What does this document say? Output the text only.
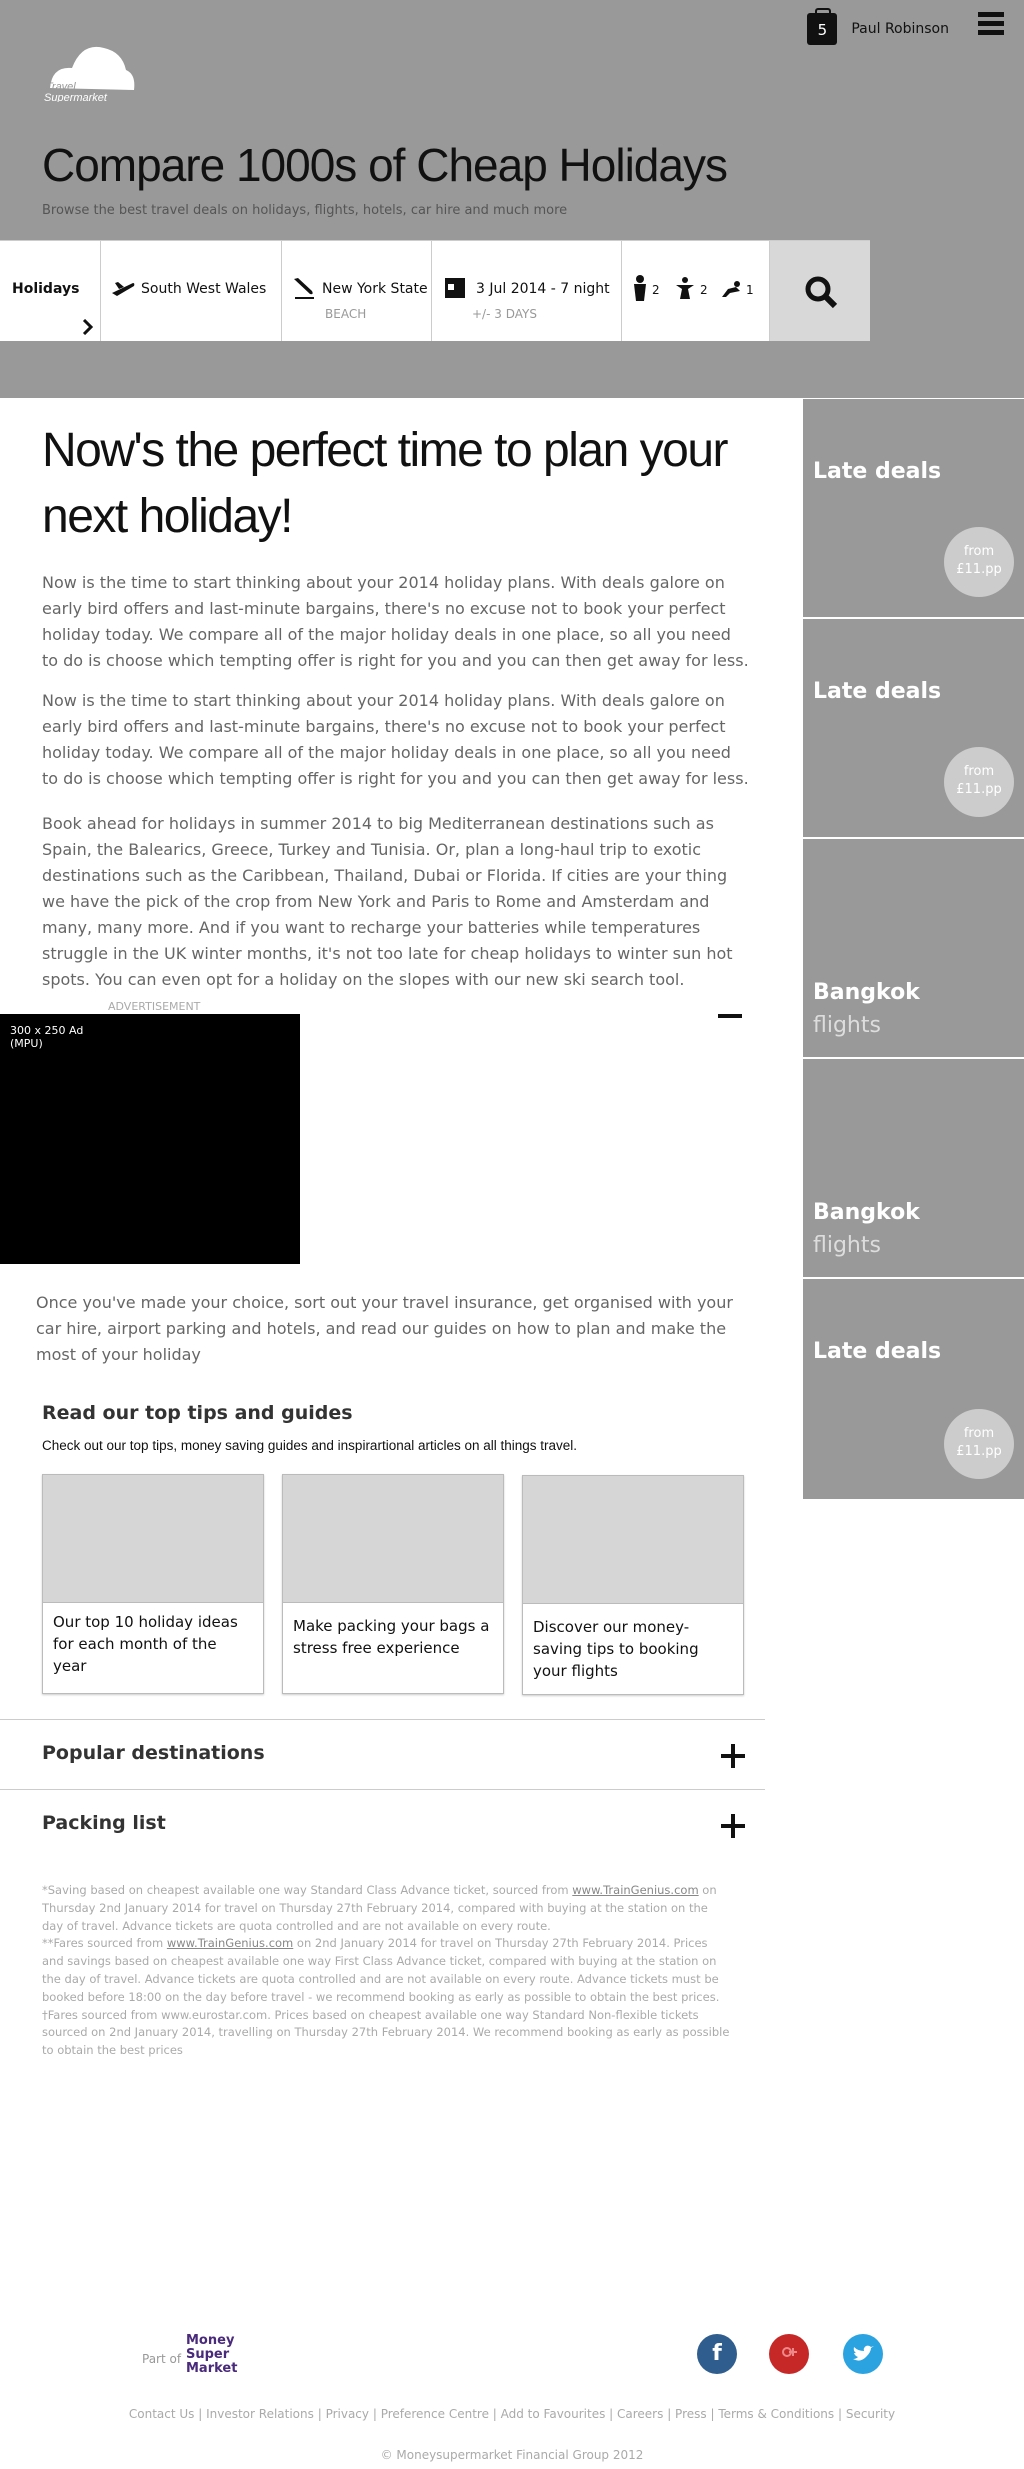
Travel
Supermarket
5	Paul Robinson
Compare 1000s of Cheap Holidays
Browse the best travel deals on holidays, flights, hotels, car hire and much more
Holidays	South West Wales	New York State
BEACH
3 Jul 2014 - 7 night
+/- 3 DAYS
2	2	1
Now's the perfect time to plan your next holiday!

Now is the time to start thinking about your 2014 holiday plans. With deals galore on early bird offers and last-minute bargains, there's no excuse not to book your perfect holiday today. We compare all of the major holiday deals in one place, so all you need to do is choose which tempting offer is right for you and you can then get away for less.

Now is the time to start thinking about your 2014 holiday plans. With deals galore on early bird offers and last-minute bargains, there's no excuse not to book your perfect holiday today. We compare all of the major holiday deals in one place, so all you need to do is choose which tempting offer is right for you and you can then get away for less.

Book ahead for holidays in summer 2014 to big Mediterranean destinations such as Spain, the Balearics, Greece, Turkey and Tunisia. Or, plan a long-haul trip to exotic destinations such as the Caribbean, Thailand, Dubai or Florida. If cities are your thing we have the pick of the crop from New York and Paris to Rome and Amsterdam and many, many more. And if you want to recharge your batteries while temperatures struggle in the UK winter months, it's not too late for cheap holidays to winter sun hot spots. You can even opt for a holiday on the slopes with our new ski search tool.

ADVERTISEMENT
300 x 250 Ad
(MPU)

Once you've made your choice, sort out your travel insurance, get organised with your car hire, airport parking and hotels, and read our guides on how to plan and make the most of your holiday

Read our top tips and guides
Check out our top tips, money saving guides and inspirartional articles on all things travel.
Our top 10 holiday ideas for each month of the year
Make packing your bags a stress free experience
Discover our money-saving tips to booking your flights
Popular destinations
Packing list
*Saving based on cheapest available one way Standard Class Advance ticket, sourced from www.TrainGenius.com on Thursday 2nd January 2014 for travel on Thursday 27th February 2014, compared with buying at the station on the day of travel. Advance tickets are quota controlled and are not available on every route.
**Fares sourced from www.TrainGenius.com on 2nd January 2014 for travel on Thursday 27th February 2014. Prices and savings based on cheapest available one way First Class Advance ticket, compared with buying at the station on the day of travel. Advance tickets are quota controlled and are not available on every route. Advance tickets must be booked before 18:00 on the day before travel - we recommend booking as early as possible to obtain the best prices.
†Fares sourced from www.eurostar.com. Prices based on cheapest available one way Standard Non-flexible tickets sourced on 2nd January 2014, travelling on Thursday 27th February 2014. We recommend booking as early as possible to obtain the best prices
Late deals
from
£11.pp
Late deals
from
£11.pp
Bangkok
flights
Bangkok
flights
Late deals
from
£11.pp
Part of
Money
Super
Market
f
Contact Us | Investor Relations | Privacy | Preference Centre | Add to Favourites | Careers | Press | Terms & Conditions | Security
© Moneysupermarket Financial Group 2012
